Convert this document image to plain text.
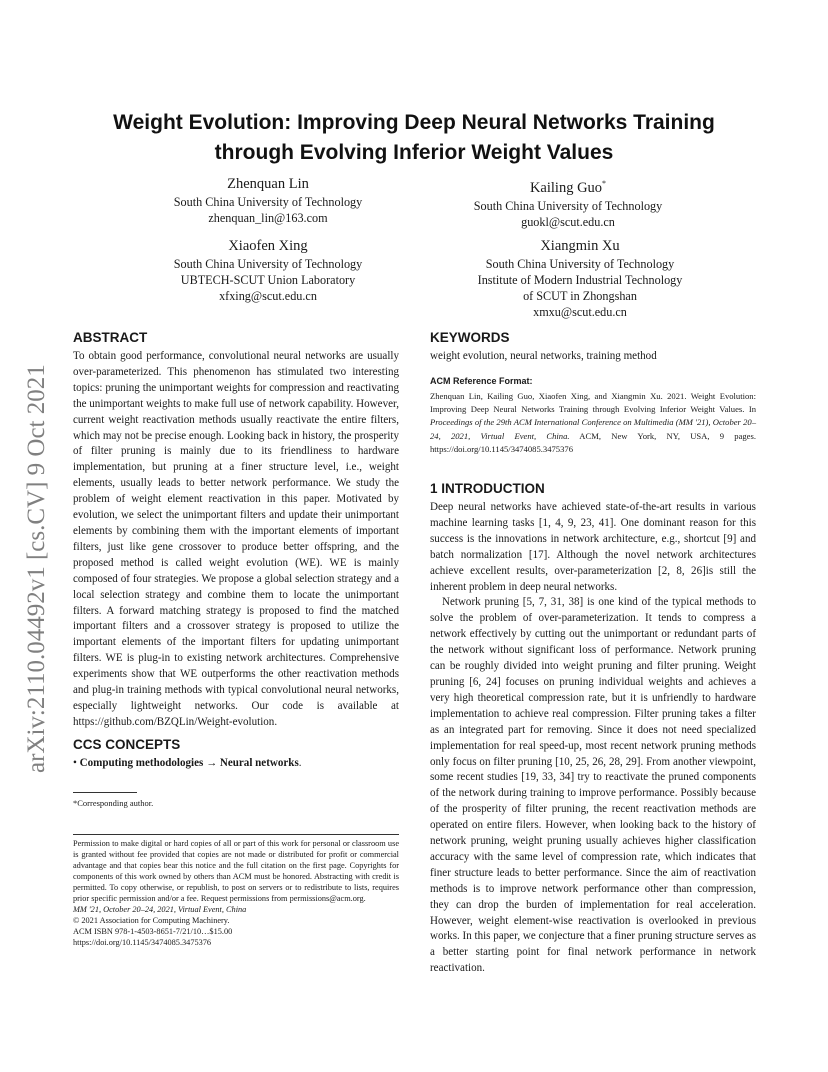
arXiv:2110.04492v1 [cs.CV] 9 Oct 2021
Weight Evolution: Improving Deep Neural Networks Training
through Evolving Inferior Weight Values
Zhenquan Lin
South China University of Technology
zhenquan_lin@163.com
Kailing Guo*
South China University of Technology
guokl@scut.edu.cn
Xiaofen Xing
South China University of Technology
UBTECH-SCUT Union Laboratory
xfxing@scut.edu.cn
Xiangmin Xu
South China University of Technology
Institute of Modern Industrial Technology
of SCUT in Zhongshan
xmxu@scut.edu.cn
ABSTRACT

To obtain good performance, convolutional neural networks are usually over-parameterized. This phenomenon has stimulated two interesting topics: pruning the unimportant weights for compression and reactivating the unimportant weights to make full use of network capability. However, current weight reactivation methods usually reactivate the entire filters, which may not be precise enough. Looking back in history, the prosperity of filter pruning is mainly due to its friendliness to hardware implementation, but pruning at a finer structure level, i.e., weight elements, usually leads to better network performance. We study the problem of weight element reactivation in this paper. Motivated by evolution, we select the unimportant filters and update their unimportant elements by combining them with the important elements of important filters, just like gene crossover to produce better offspring, and the proposed method is called weight evolution (WE). WE is mainly composed of four strategies. We propose a global selection strategy and a local selection strategy and combine them to locate the unimportant filters. A forward matching strategy is proposed to find the matched important filters and a crossover strategy is proposed to utilize the important elements of the important filters for updating unimportant filters. WE is plug-in to existing network architectures. Comprehensive experiments show that WE outperforms the other reactivation methods and plug-in training methods with typical convolutional neural networks, especially lightweight networks. Our code is available at https://github.com/BZQLin/Weight-evolution.

CCS CONCEPTS
• Computing methodologies → Neural networks.
*Corresponding author.
Permission to make digital or hard copies of all or part of this work for personal or classroom use is granted without fee provided that copies are not made or distributed for profit or commercial advantage and that copies bear this notice and the full citation on the first page. Copyrights for components of this work owned by others than ACM must be honored. Abstracting with credit is permitted. To copy otherwise, or republish, to post on servers or to redistribute to lists, requires prior specific permission and/or a fee. Request permissions from permissions@acm.org.
MM '21, October 20–24, 2021, Virtual Event, China
© 2021 Association for Computing Machinery.
ACM ISBN 978-1-4503-8651-7/21/10…$15.00
https://doi.org/10.1145/3474085.3475376
KEYWORDS
weight evolution, neural networks, training method
ACM Reference Format:
Zhenquan Lin, Kailing Guo, Xiaofen Xing, and Xiangmin Xu. 2021. Weight Evolution: Improving Deep Neural Networks Training through Evolving Inferior Weight Values. In Proceedings of the 29th ACM International Conference on Multimedia (MM '21), October 20–24, 2021, Virtual Event, China. ACM, New York, NY, USA, 9 pages. https://doi.org/10.1145/3474085.3475376
1 INTRODUCTION

Deep neural networks have achieved state-of-the-art results in various machine learning tasks [1, 4, 9, 23, 41]. One dominant reason for this success is the innovations in network architecture, e.g., shortcut [9] and batch normalization [17]. Although the novel network architectures achieve excellent results, over-parameterization [2, 8, 26]is still the inherent problem in deep neural networks.

Network pruning [5, 7, 31, 38] is one kind of the typical methods to solve the problem of over-parameterization. It tends to compress a network effectively by cutting out the unimportant or redundant parts of the network without significant loss of performance. Network pruning can be roughly divided into weight pruning and filter pruning. Weight pruning [6, 24] focuses on pruning individual weights and achieves a very high theoretical compression rate, but it is unfriendly to hardware implementation to achieve real compression. Filter pruning takes a filter as an integrated part for removing. Since it does not need specialized implementation for real speed-up, most recent network pruning methods only focus on filter pruning [10, 25, 26, 28, 29]. From another viewpoint, some recent studies [19, 33, 34] try to reactivate the pruned components of the network during training to improve performance. Possibly because of the prosperity of filter pruning, the recent reactivation methods are operated on entire filers. However, when looking back to the history of network pruning, weight pruning usually achieves higher classification accuracy with the same level of compression rate, which indicates that finer structure leads to better performance. Since the aim of reactivation methods is to improve network performance other than compression, they can drop the burden of implementation for real acceleration. However, weight element-wise reactivation is overlooked in previous works. In this paper, we conjecture that a finer pruning structure serves as a better starting point for final network performance in network reactivation.
